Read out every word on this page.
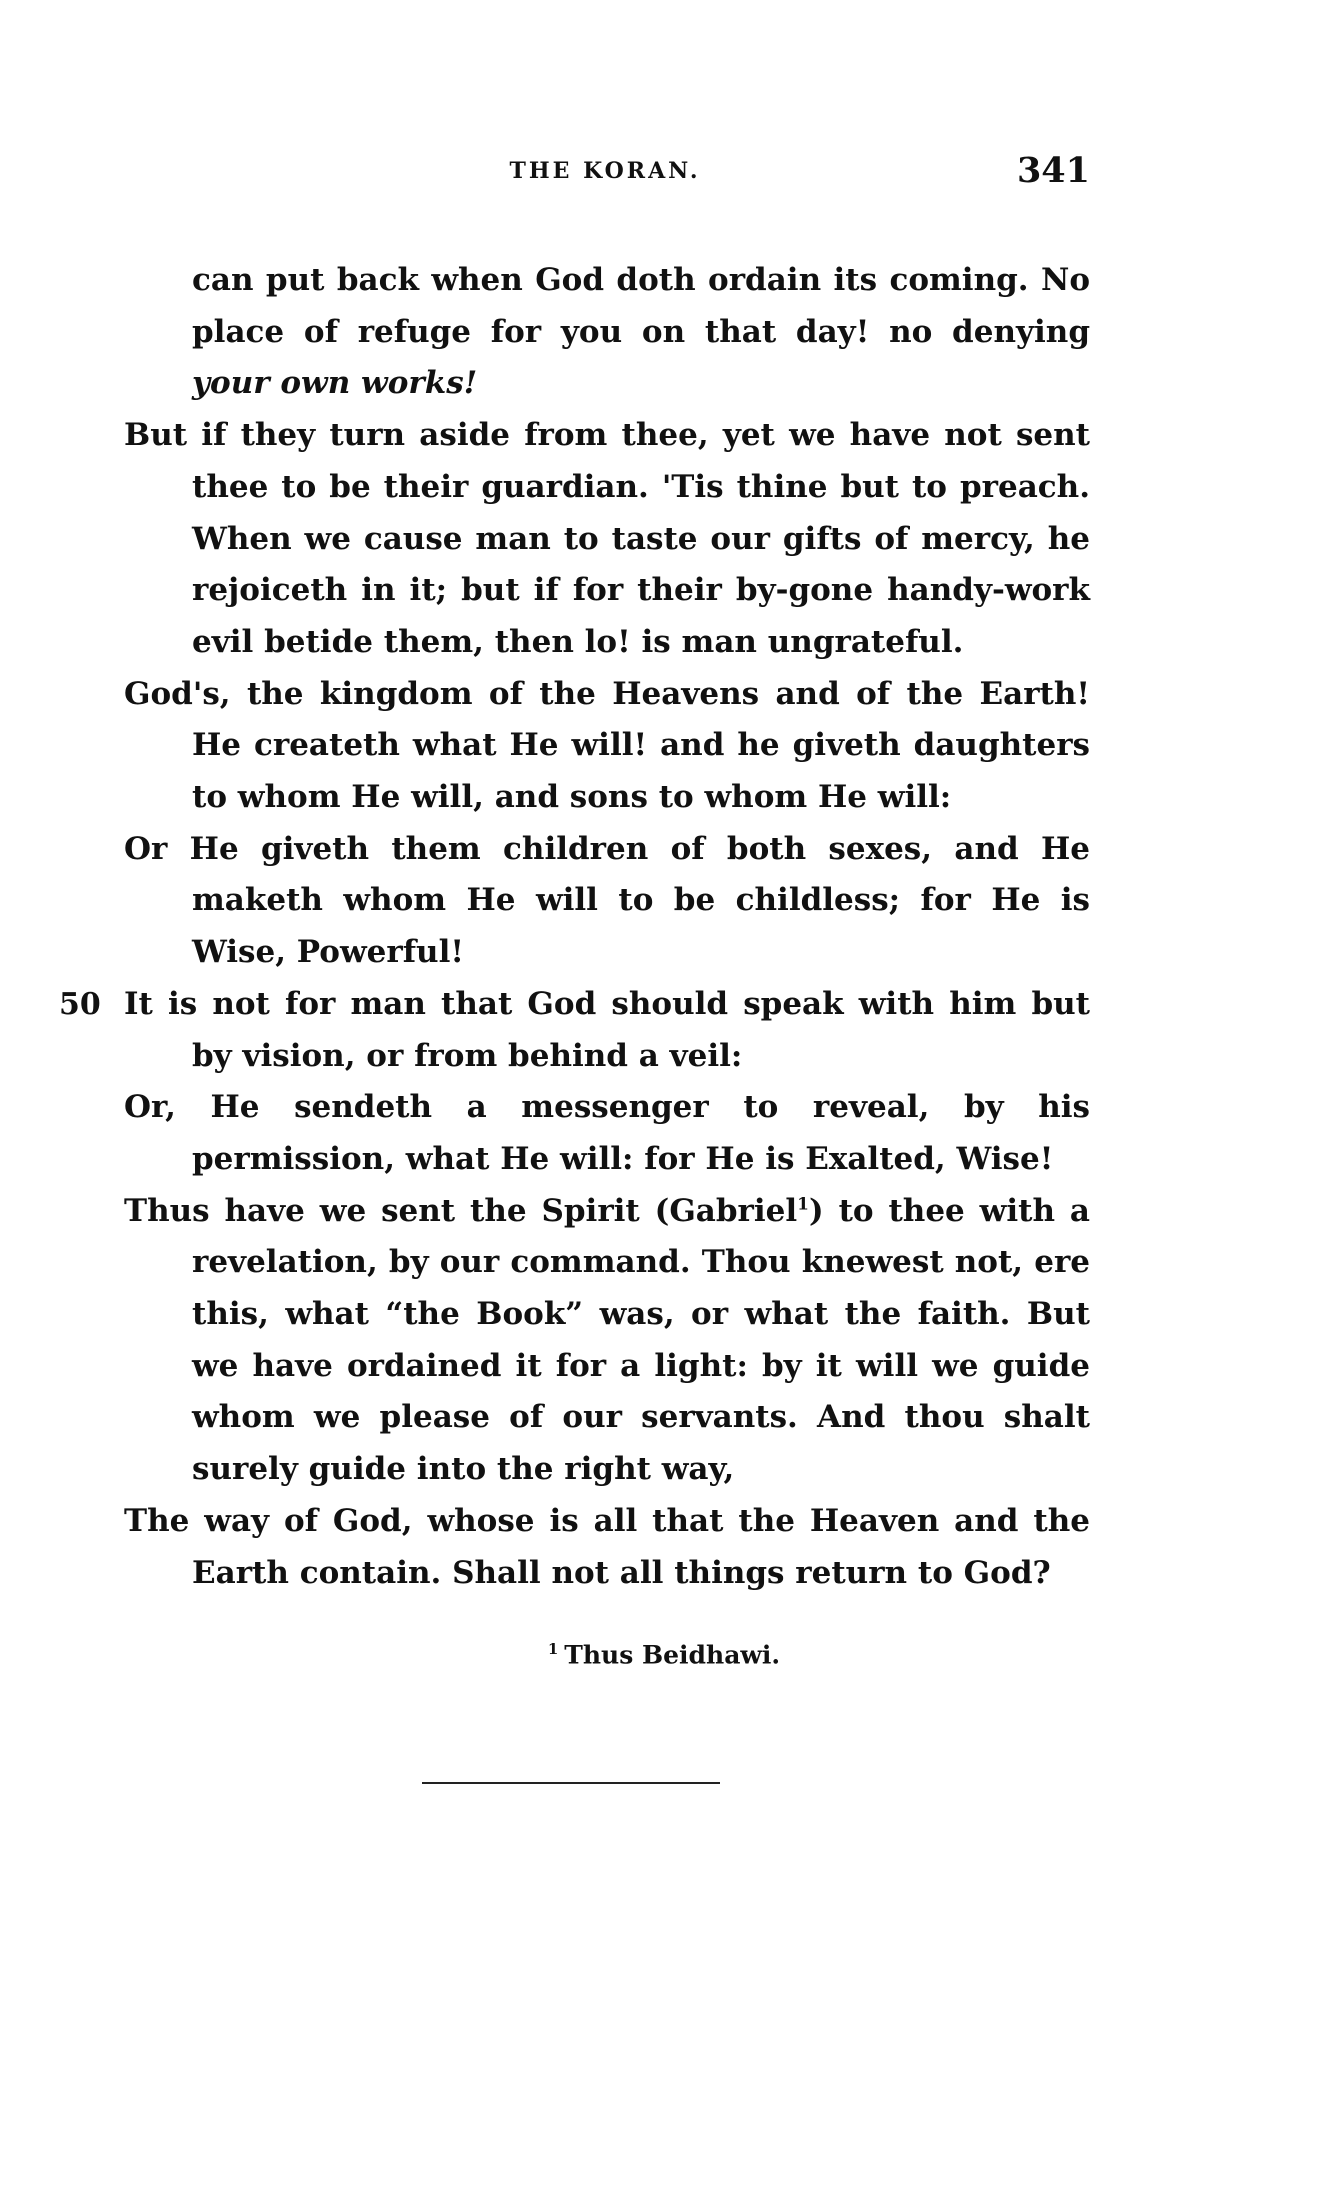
THE KORAN.	341

can put back when God doth ordain its coming. No place of refuge for you on that day! no denying your own works!

But if they turn aside from thee, yet we have not sent thee to be their guardian. 'Tis thine but to preach. When we cause man to taste our gifts of mercy, he rejoiceth in it; but if for their by-gone handy-work evil betide them, then lo! is man ungrateful.

God's, the kingdom of the Heavens and of the Earth! He createth what He will! and he giveth daughters to whom He will, and sons to whom He will:

Or He giveth them children of both sexes, and He maketh whom He will to be childless; for He is Wise, Powerful!

50 It is not for man that God should speak with him but by vision, or from behind a veil:

Or, He sendeth a messenger to reveal, by his permission, what He will: for He is Exalted, Wise!

Thus have we sent the Spirit (Gabriel$^1$) to thee with a revelation, by our command. Thou knewest not, ere this, what “the Book” was, or what the faith. But we have ordained it for a light: by it will we guide whom we please of our servants. And thou shalt surely guide into the right way,

The way of God, whose is all that the Heaven and the Earth contain. Shall not all things return to God?

$^1$ Thus Beidhawi.
